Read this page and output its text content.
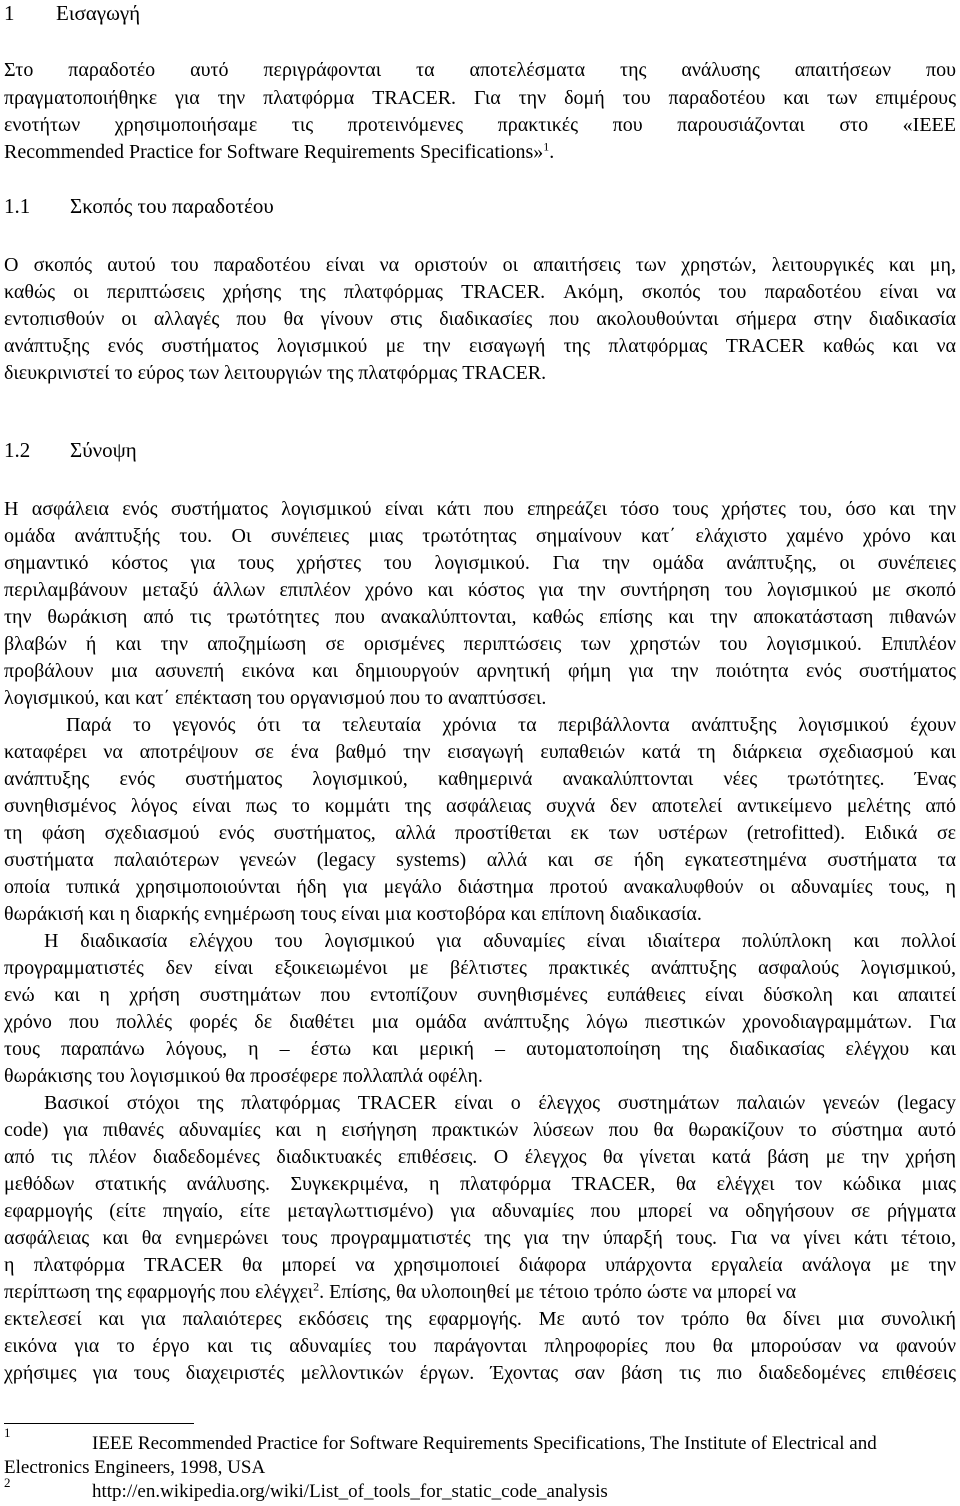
1 Εισαγωγή
Στο παραδοτέο αυτό περιγράφονται τα αποτελέσματα της ανάλυσης απαιτήσεων που
πραγματοποιήθηκε για την πλατφόρμα TRACER. Για την δομή του παραδοτέου και των επιμέρους
ενοτήτων χρησιμοποιήσαμε τις προτεινόμενες πρακτικές που παρουσιάζονται στο «IEEE
Recommended Practice for Software Requirements Specifications»$^1$.
1.1 Σκοπός του παραδοτέου
Ο σκοπός αυτού του παραδοτέου είναι να οριστούν οι απαιτήσεις των χρηστών, λειτουργικές και μη,
καθώς οι περιπτώσεις χρήσης της πλατφόρμας TRACER. Ακόμη, σκοπός του παραδοτέου είναι να
εντοπισθούν οι αλλαγές που θα γίνουν στις διαδικασίες που ακολουθούνται σήμερα στην διαδικασία
ανάπτυξης ενός συστήματος λογισμικού με την εισαγωγή της πλατφόρμας TRACER καθώς και να
διευκρινιστεί το εύρος των λειτουργιών της πλατφόρμας TRACER.
1.2 Σύνοψη
Η ασφάλεια ενός συστήματος λογισμικού είναι κάτι που επηρεάζει τόσο τους χρήστες του, όσο και την
ομάδα ανάπτυξής του. Οι συνέπειες μιας τρωτότητας σημαίνουν κατ΄ ελάχιστο χαμένο χρόνο και
σημαντικό κόστος για τους χρήστες του λογισμικού. Για την ομάδα ανάπτυξης, οι συνέπειες
περιλαμβάνουν μεταξύ άλλων επιπλέον χρόνο και κόστος για την συντήρηση του λογισμικού με σκοπό
την θωράκιση από τις τρωτότητες που ανακαλύπτονται, καθώς επίσης και την αποκατάσταση πιθανών
βλαβών ή και την αποζημίωση σε ορισμένες περιπτώσεις των χρηστών του λογισμικού. Επιπλέον
προβάλουν μια ασυνεπή εικόνα και δημιουργούν αρνητική φήμη για την ποιότητα ενός συστήματος
λογισμικού, και κατ΄ επέκταση του οργανισμού που το αναπτύσσει.
Παρά το γεγονός ότι τα τελευταία χρόνια τα περιβάλλοντα ανάπτυξης λογισμικού έχουν
καταφέρει να αποτρέψουν σε ένα βαθμό την εισαγωγή ευπαθειών κατά τη διάρκεια σχεδιασμού και
ανάπτυξης ενός συστήματος λογισμικού, καθημερινά ανακαλύπτονται νέες τρωτότητες. Ένας
συνηθισμένος λόγος είναι πως το κομμάτι της ασφάλειας συχνά δεν αποτελεί αντικείμενο μελέτης από
τη φάση σχεδιασμού ενός συστήματος, αλλά προστίθεται εκ των υστέρων (retrofitted). Ειδικά σε
συστήματα παλαιότερων γενεών (legacy systems) αλλά και σε ήδη εγκατεστημένα συστήματα τα
οποία τυπικά χρησιμοποιούνται ήδη για μεγάλο διάστημα προτού ανακαλυφθούν οι αδυναμίες τους, η
θωράκισή και η διαρκής ενημέρωση τους είναι μια κοστοβόρα και επίπονη διαδικασία.
Η διαδικασία ελέγχου του λογισμικού για αδυναμίες είναι ιδιαίτερα πολύπλοκη και πολλοί
προγραμματιστές δεν είναι εξοικειωμένοι με βέλτιστες πρακτικές ανάπτυξης ασφαλούς λογισμικού,
ενώ και η χρήση συστημάτων που εντοπίζουν συνηθισμένες ευπάθειες είναι δύσκολη και απαιτεί
χρόνο που πολλές φορές δε διαθέτει μια ομάδα ανάπτυξης λόγω πιεστικών χρονοδιαγραμμάτων. Για
τους παραπάνω λόγους, η – έστω και μερική – αυτοματοποίηση της διαδικασίας ελέγχου και
θωράκισης του λογισμικού θα προσέφερε πολλαπλά οφέλη.
Βασικοί στόχοι της πλατφόρμας TRACER είναι ο έλεγχος συστημάτων παλαιών γενεών (legacy
code) για πιθανές αδυναμίες και η εισήγηση πρακτικών λύσεων που θα θωρακίζουν το σύστημα αυτό
από τις πλέον διαδεδομένες διαδικτυακές επιθέσεις. Ο έλεγχος θα γίνεται κατά βάση με την χρήση
μεθόδων στατικής ανάλυσης. Συγκεκριμένα, η πλατφόρμα TRACER, θα ελέγχει τον κώδικα μιας
εφαρμογής (είτε πηγαίο, είτε μεταγλωττισμένο) για αδυναμίες που μπορεί να οδηγήσουν σε ρήγματα
ασφάλειας και θα ενημερώνει τους προγραμματιστές της για την ύπαρξή τους. Για να γίνει κάτι τέτοιο,
η πλατφόρμα TRACER θα μπορεί να χρησιμοποιεί διάφορα υπάρχοντα εργαλεία ανάλογα με την
περίπτωση της εφαρμογής που ελέγχει$^2$. Επίσης, θα υλοποιηθεί με τέτοιο τρόπο ώστε να μπορεί να
εκτελεσεί και για παλαιότερες εκδόσεις της εφαρμογής. Με αυτό τον τρόπο θα δίνει μια συνολική
εικόνα για το έργο και τις αδυναμίες του παράγονται πληροφορίες που θα μπορούσαν να φανούν
χρήσιμες για τους διαχειριστές μελλοντικών έργων. Έχοντας σαν βάση τις πιο διαδεδομένες επιθέσεις
1
IEEE Recommended Practice for Software Requirements Specifications, The Institute of Electrical and
Electronics Engineers, 1998, USA
2	http://en.wikipedia.org/wiki/List_of_tools_for_static_code_analysis
